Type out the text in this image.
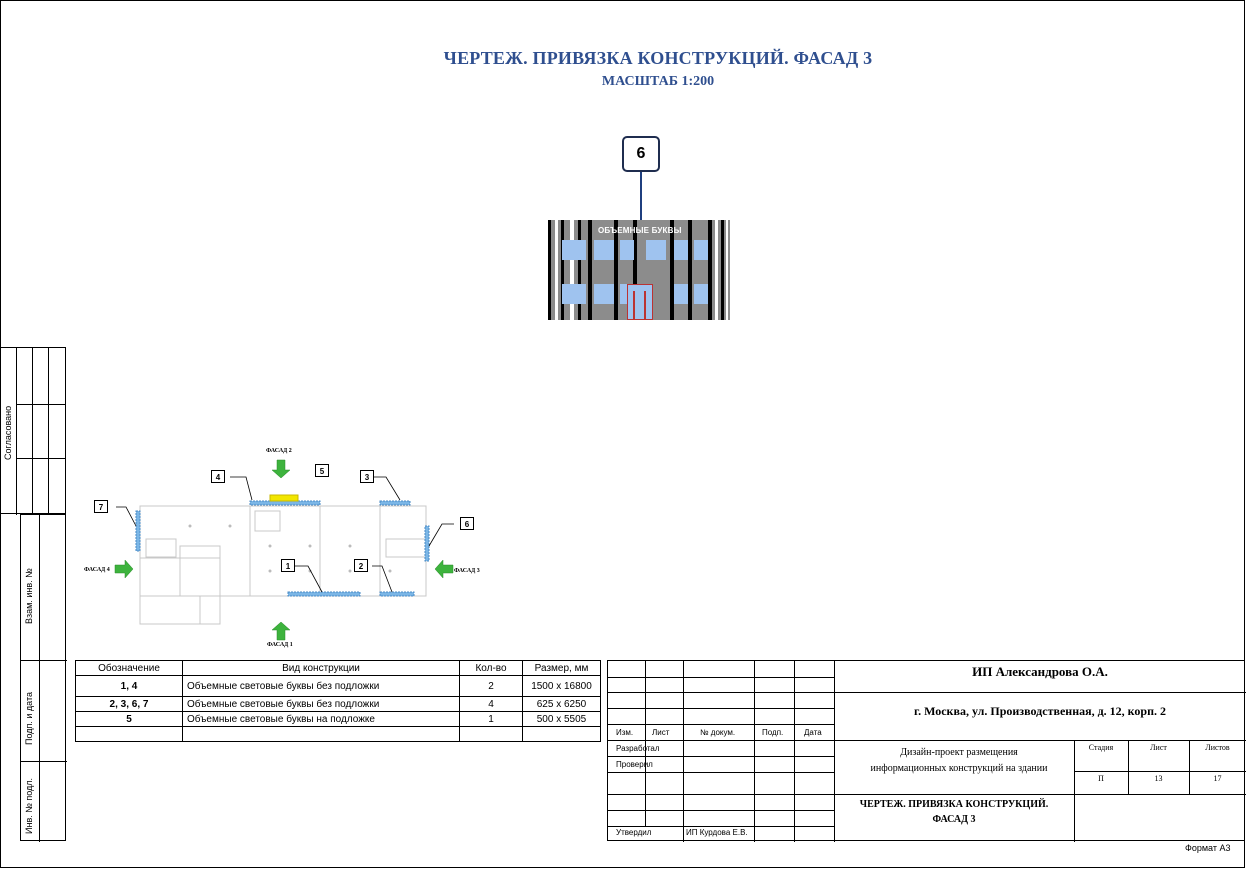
ЧЕРТЕЖ. ПРИВЯЗКА КОНСТРУКЦИЙ. ФАСАД 3
МАСШТАБ 1:200
6
ОБЪЕМНЫЕ БУКВЫ
Согласовано
Взам. инв. №
Подп. и дата
Инв. № подл.
4
5
3
7
6
1	2
ФАСАД 2
ФАСАД 1
ФАСАД 4	ФАСАД 3
Обозначение	Вид конструкции	Кол-во	Размер, мм
1, 4	Объемные световые буквы без подложки	2	1500 х 16800
2, 3, 6, 7	Объемные световые буквы без подложки	4	625 х 6250
5	Объемные световые буквы на подложке	1	500 х 5505

ИП Александрова О.А.
г. Москва, ул. Производственная, д. 12, корп. 2
Дизайн-проект размещения
информационных конструкций на здании
Стадия	Лист	Листов
П	13	17
ЧЕРТЕЖ. ПРИВЯЗКА КОНСТРУКЦИЙ.
ФАСАД 3
Изм. Лист	№ докум.	Подп.	Дата
Разработал
Проверил
Утвердил	ИП Курдова Е.В.
Формат А3
